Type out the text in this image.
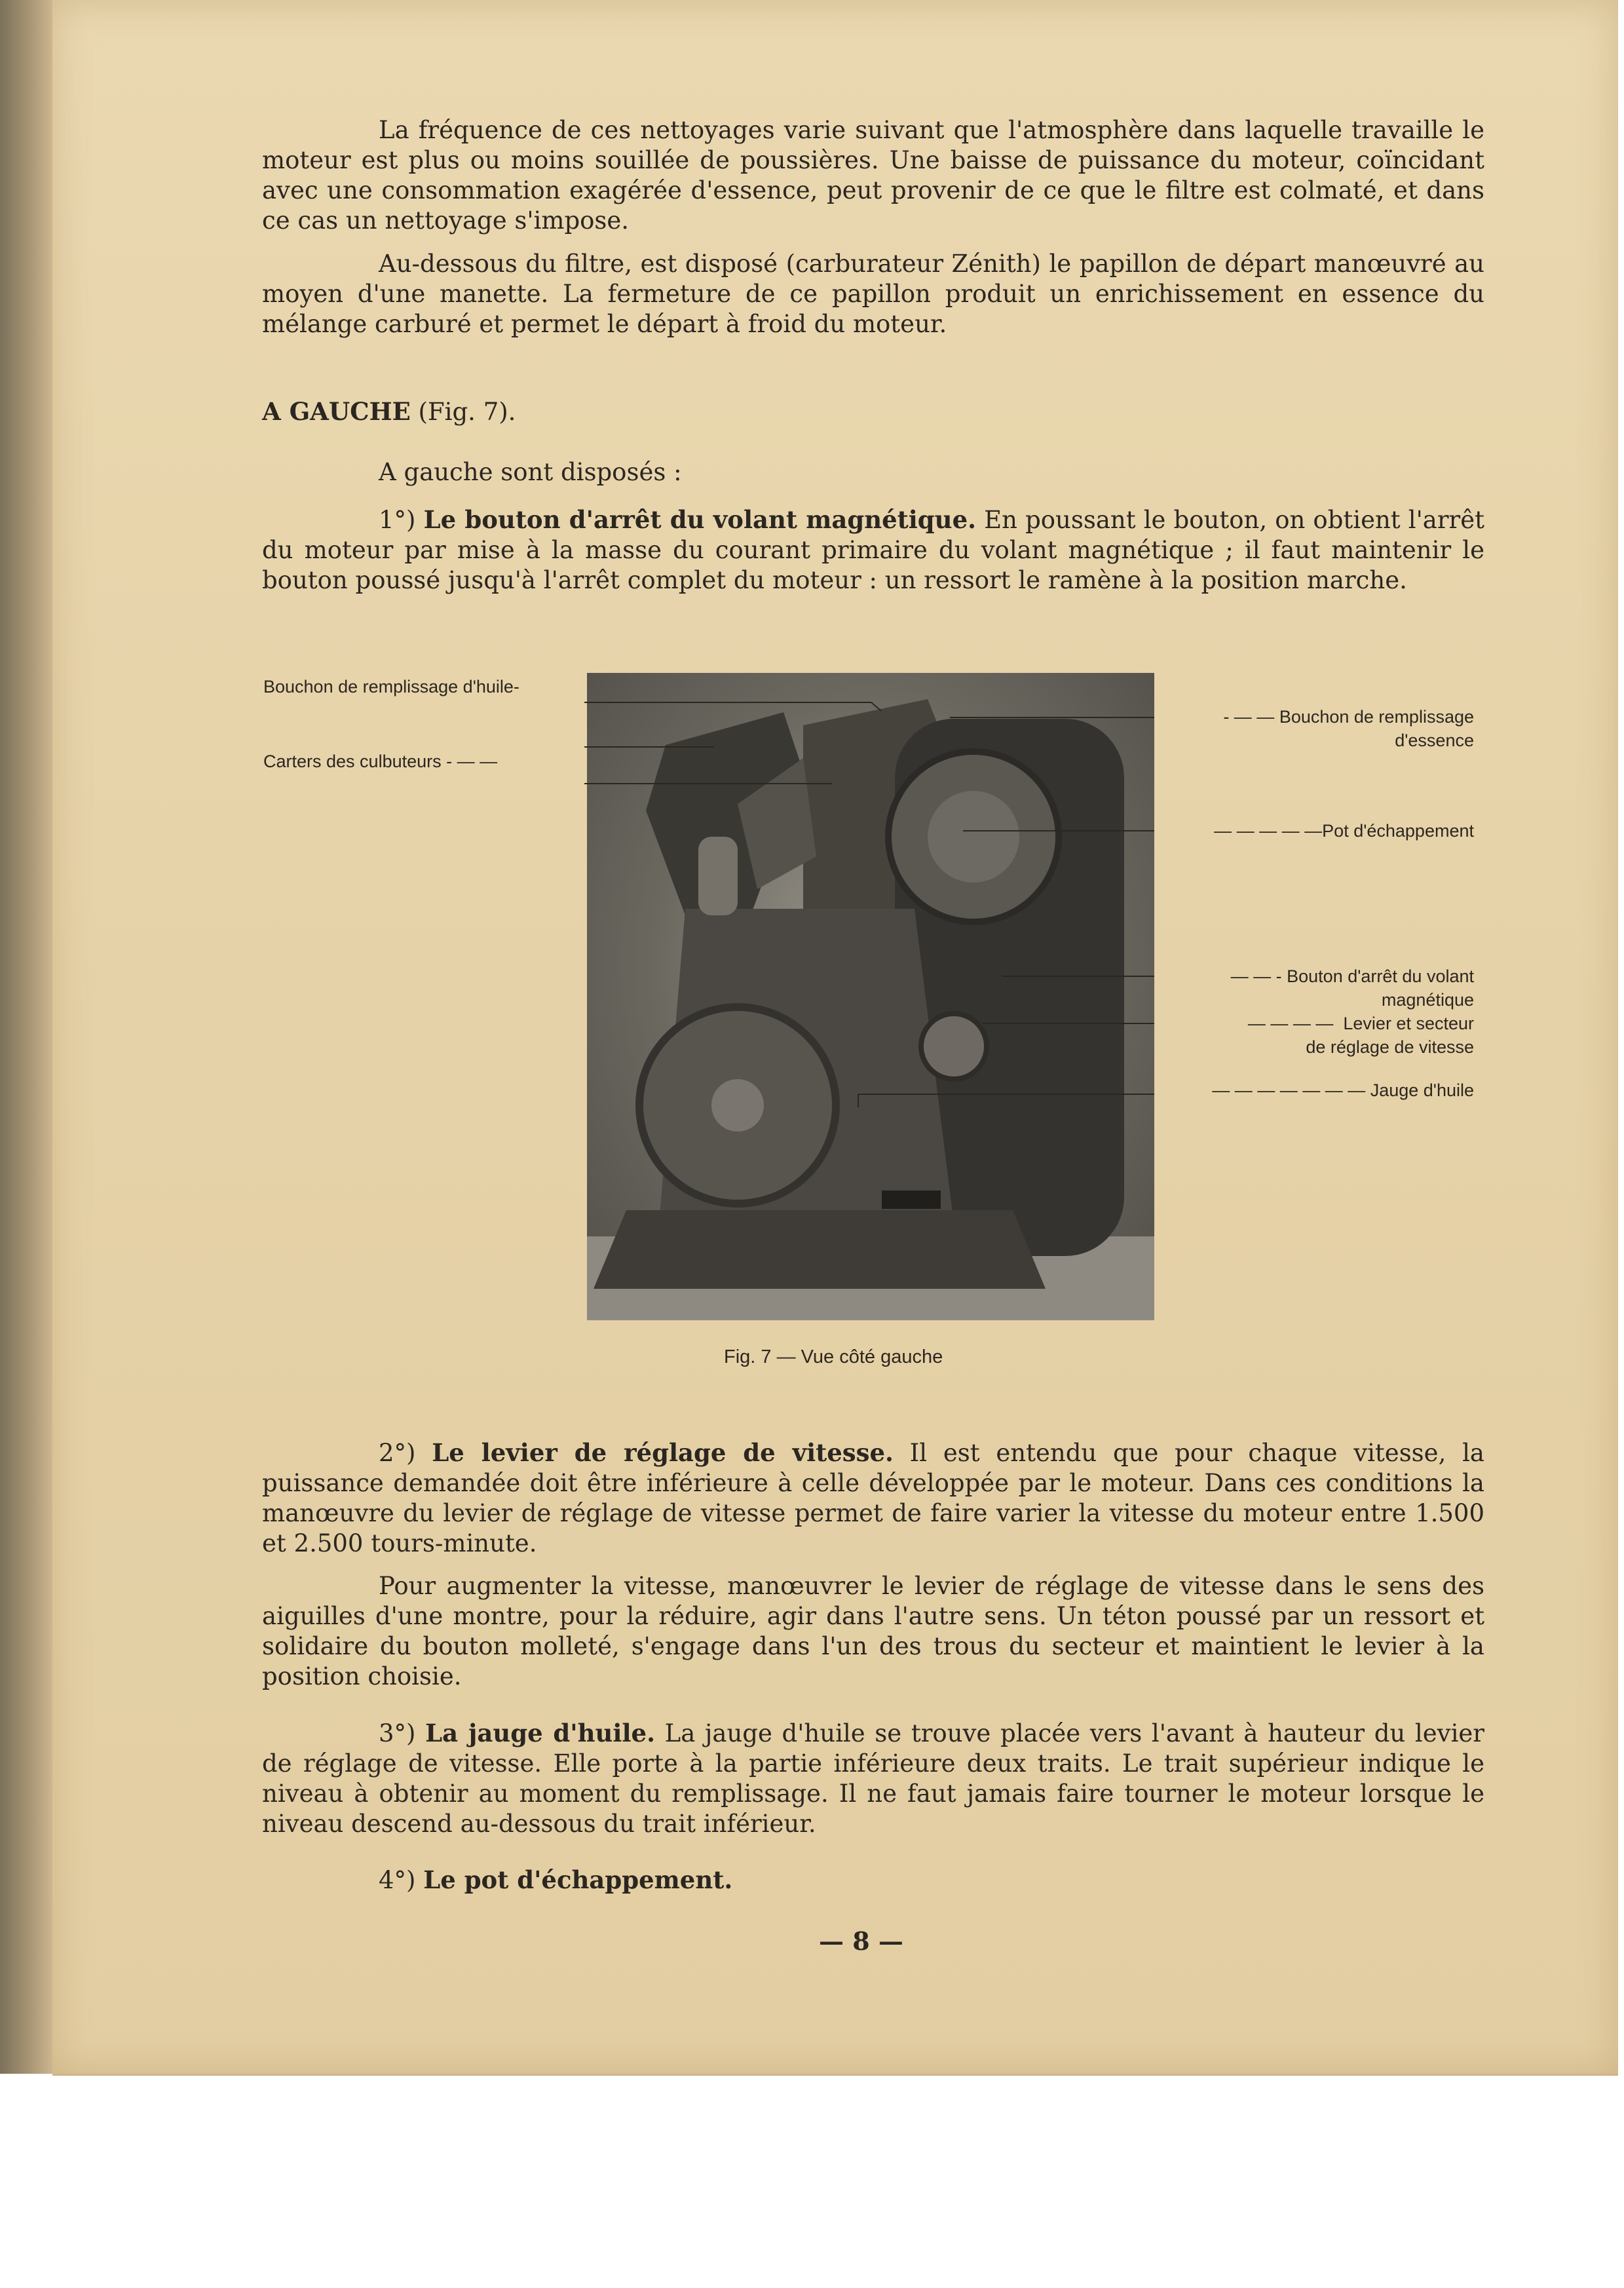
La fréquence de ces nettoyages varie suivant que l'atmosphère dans laquelle travaille le moteur est plus ou moins souillée de poussières. Une baisse de puissance du moteur, coïncidant avec une consommation exagérée d'essence, peut provenir de ce que le filtre est colmaté, et dans ce cas un nettoyage s'impose.

Au-dessous du filtre, est disposé (carburateur Zénith) le papillon de départ manœuvré au moyen d'une manette. La fermeture de ce papillon produit un enrichissement en essence du mélange carburé et permet le départ à froid du moteur.

A GAUCHE (Fig. 7).

A gauche sont disposés :

1°) Le bouton d'arrêt du volant magnétique. En poussant le bouton, on obtient l'arrêt du moteur par mise à la masse du courant primaire du volant magnétique ; il faut maintenir le bouton poussé jusqu'à l'arrêt complet du moteur : un ressort le ramène à la position marche.

Bouchon de remplissage d'huile-

Carters des culbuteurs - — —

- — — Bouchon de remplissage
d'essence

— — — — —Pot d'échappement

— — - Bouton d'arrêt du volant
magnétique

— — — —  Levier et secteur
de réglage de vitesse

— — — — — — — Jauge d'huile

Fig. 7 — Vue côté gauche

2°) Le levier de réglage de vitesse. Il est entendu que pour chaque vitesse, la puissance demandée doit être inférieure à celle développée par le moteur. Dans ces conditions la manœuvre du levier de réglage de vitesse permet de faire varier la vitesse du moteur entre 1.500 et 2.500 tours-minute.

Pour augmenter la vitesse, manœuvrer le levier de réglage de vitesse dans le sens des aiguilles d'une montre, pour la réduire, agir dans l'autre sens. Un téton poussé par un ressort et solidaire du bouton molleté, s'engage dans l'un des trous du secteur et maintient le levier à la position choisie.

3°) La jauge d'huile. La jauge d'huile se trouve placée vers l'avant à hauteur du levier de réglage de vitesse. Elle porte à la partie inférieure deux traits. Le trait supérieur indique le niveau à obtenir au moment du remplissage. Il ne faut jamais faire tourner le moteur lorsque le niveau descend au-dessous du trait inférieur.

4°) Le pot d'échappement.

— 8 —
